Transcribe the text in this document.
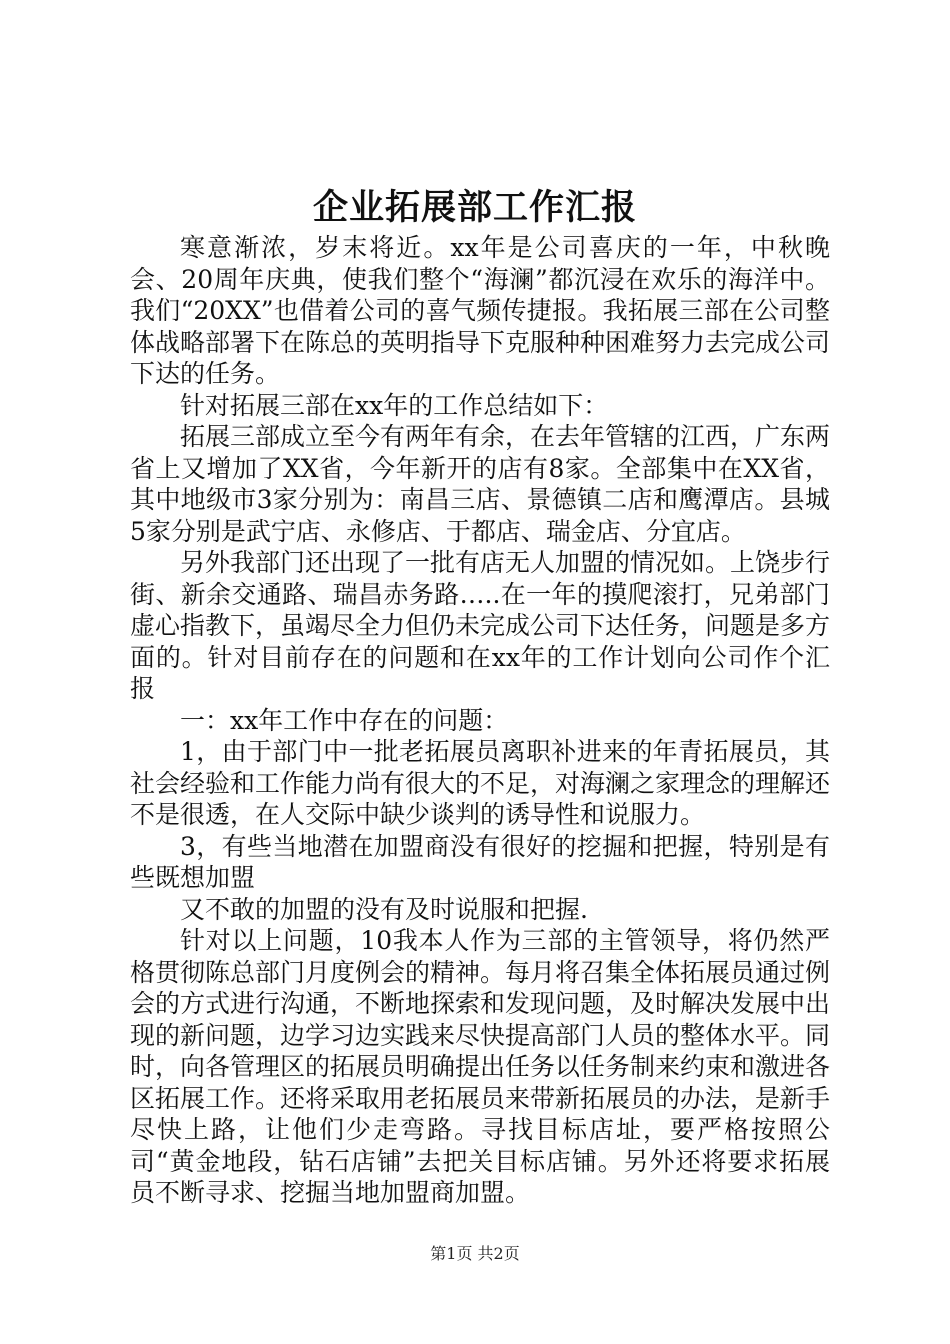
企业拓展部工作汇报

寒意渐浓，岁末将近。xx年是公司喜庆的一年，中秋晚会、20周年庆典，使我们整个“海澜”都沉浸在欢乐的海洋中。我们“20XX”也借着公司的喜气频传捷报。我拓展三部在公司整体战略部署下在陈总的英明指导下克服种种困难努力去完成公司下达的任务。

针对拓展三部在xx年的工作总结如下：

拓展三部成立至今有两年有余，在去年管辖的江西，广东两省上又增加了XX省，今年新开的店有8家。全部集中在XX省，其中地级市3家分别为：南昌三店、景德镇二店和鹰潭店。县城5家分别是武宁店、永修店、于都店、瑞金店、分宜店。

另外我部门还出现了一批有店无人加盟的情况如。上饶步行街、新余交通路、瑞昌赤务路…..在一年的摸爬滚打，兄弟部门虚心指教下，虽竭尽全力但仍未完成公司下达任务，问题是多方面的。针对目前存在的问题和在xx年的工作计划向公司作个汇报

一：xx年工作中存在的问题：

1，由于部门中一批老拓展员离职补进来的年青拓展员，其社会经验和工作能力尚有很大的不足，对海澜之家理念的理解还不是很透，在人交际中缺少谈判的诱导性和说服力。

3，有些当地潜在加盟商没有很好的挖掘和把握，特别是有些既想加盟

又不敢的加盟的没有及时说服和把握.

针对以上问题，10我本人作为三部的主管领导，将仍然严格贯彻陈总部门月度例会的精神。每月将召集全体拓展员通过例会的方式进行沟通，不断地探索和发现问题，及时解决发展中出现的新问题，边学习边实践来尽快提高部门人员的整体水平。同时，向各管理区的拓展员明确提出任务以任务制来约束和激进各区拓展工作。还将采取用老拓展员来带新拓展员的办法，是新手尽快上路，让他们少走弯路。寻找目标店址，要严格按照公司“黄金地段，钻石店铺”去把关目标店铺。另外还将要求拓展员不断寻求、挖掘当地加盟商加盟。

第1页 共2页
